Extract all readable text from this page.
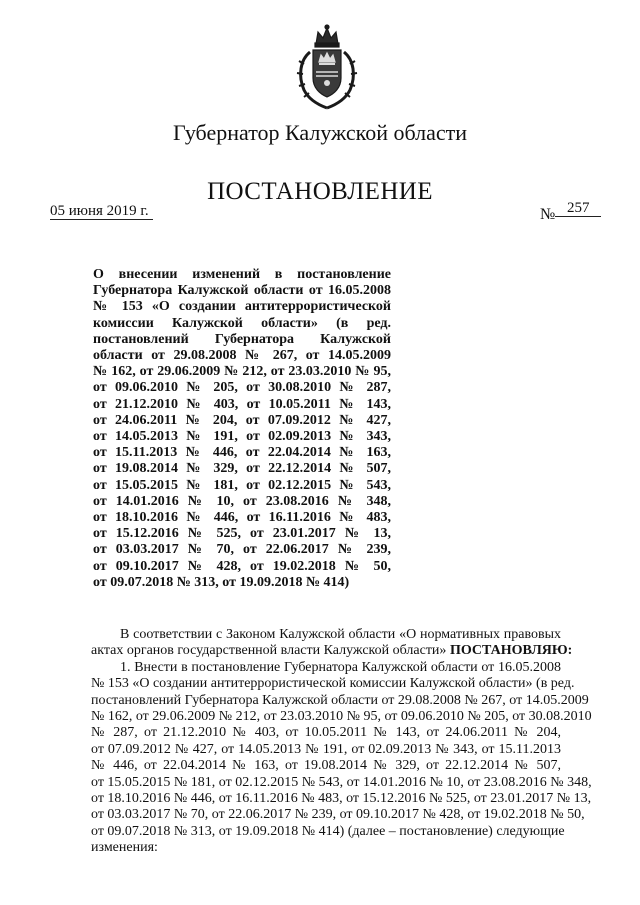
Губернатор Калужской области
ПОСТАНОВЛЕНИЕ
05 июня 2019 г.	№ 257
О внесении изменений в постановление
Губернатора Калужской области от 16.05.2008
№ 153 «О создании антитеррористической
комиссии Калужской области» (в ред.
постановлений Губернатора Калужской
области от 29.08.2008 № 267, от 14.05.2009
№ 162, от 29.06.2009 № 212, от 23.03.2010 № 95,
от 09.06.2010 № 205, от 30.08.2010 № 287,
от 21.12.2010 № 403, от 10.05.2011 № 143,
от 24.06.2011 № 204, от 07.09.2012 № 427,
от 14.05.2013 № 191, от 02.09.2013 № 343,
от 15.11.2013 № 446, от 22.04.2014 № 163,
от 19.08.2014 № 329, от 22.12.2014 № 507,
от 15.05.2015 № 181, от 02.12.2015 № 543,
от 14.01.2016 № 10, от 23.08.2016 № 348,
от 18.10.2016 № 446, от 16.11.2016 № 483,
от 15.12.2016 № 525, от 23.01.2017 № 13,
от 03.03.2017 № 70, от 22.06.2017 № 239,
от 09.10.2017 № 428, от 19.02.2018 № 50,
от 09.07.2018 № 313, от 19.09.2018 № 414)
В соответствии с Законом Калужской области «О нормативных правовых
актах органов государственной власти Калужской области» ПОСТАНОВЛЯЮ:
1. Внести в постановление Губернатора Калужской области от 16.05.2008
№ 153 «О создании антитеррористической комиссии Калужской области» (в ред.
постановлений Губернатора Калужской области от 29.08.2008 № 267, от 14.05.2009
№ 162, от 29.06.2009 № 212, от 23.03.2010 № 95, от 09.06.2010 № 205, от 30.08.2010
№ 287, от 21.12.2010 № 403, от 10.05.2011 № 143, от 24.06.2011 № 204,
от 07.09.2012 № 427, от 14.05.2013 № 191, от 02.09.2013 № 343, от 15.11.2013
№ 446, от 22.04.2014 № 163, от 19.08.2014 № 329, от 22.12.2014 № 507,
от 15.05.2015 № 181, от 02.12.2015 № 543, от 14.01.2016 № 10, от 23.08.2016 № 348,
от 18.10.2016 № 446, от 16.11.2016 № 483, от 15.12.2016 № 525, от 23.01.2017 № 13,
от 03.03.2017 № 70, от 22.06.2017 № 239, от 09.10.2017 № 428, от 19.02.2018 № 50,
от 09.07.2018 № 313, от 19.09.2018 № 414) (далее – постановление) следующие
изменения:
